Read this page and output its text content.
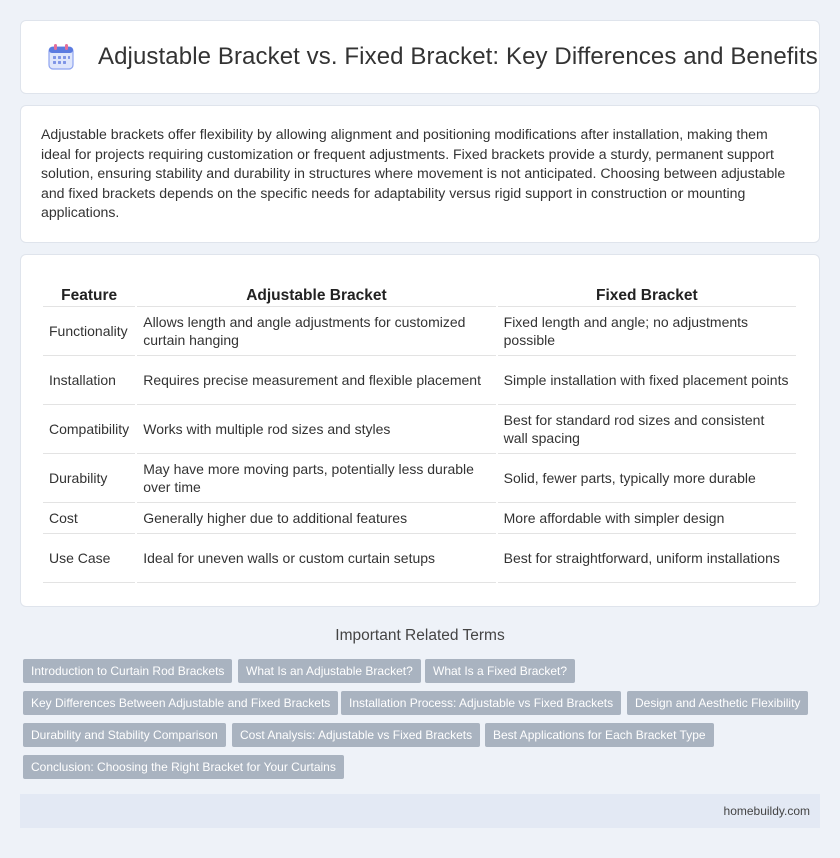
Adjustable Bracket vs. Fixed Bracket: Key Differences and Benefits

Adjustable brackets offer flexibility by allowing alignment and positioning modifications after installation, making them ideal for projects requiring customization or frequent adjustments. Fixed brackets provide a sturdy, permanent support solution, ensuring stability and durability in structures where movement is not anticipated. Choosing between adjustable and fixed brackets depends on the specific needs for adaptability versus rigid support in construction or mounting applications.

Feature	Adjustable Bracket	Fixed Bracket
Functionality	Allows length and angle adjustments for customized curtain hanging	Fixed length and angle; no adjustments possible
Installation	Requires precise measurement and flexible placement	Simple installation with fixed placement points
Compatibility	Works with multiple rod sizes and styles	Best for standard rod sizes and consistent wall spacing
Durability	May have more moving parts, potentially less durable over time	Solid, fewer parts, typically more durable
Cost	Generally higher due to additional features	More affordable with simpler design
Use Case	Ideal for uneven walls or custom curtain setups	Best for straightforward, uniform installations
Important Related Terms
Introduction to Curtain Rod Brackets	What Is an Adjustable Bracket?	What Is a Fixed Bracket?
Key Differences Between Adjustable and Fixed Brackets	Installation Process: Adjustable vs Fixed Brackets	Design and Aesthetic Flexibility
Durability and Stability Comparison	Cost Analysis: Adjustable vs Fixed Brackets	Best Applications for Each Bracket Type
Conclusion: Choosing the Right Bracket for Your Curtains
homebuildy.com
